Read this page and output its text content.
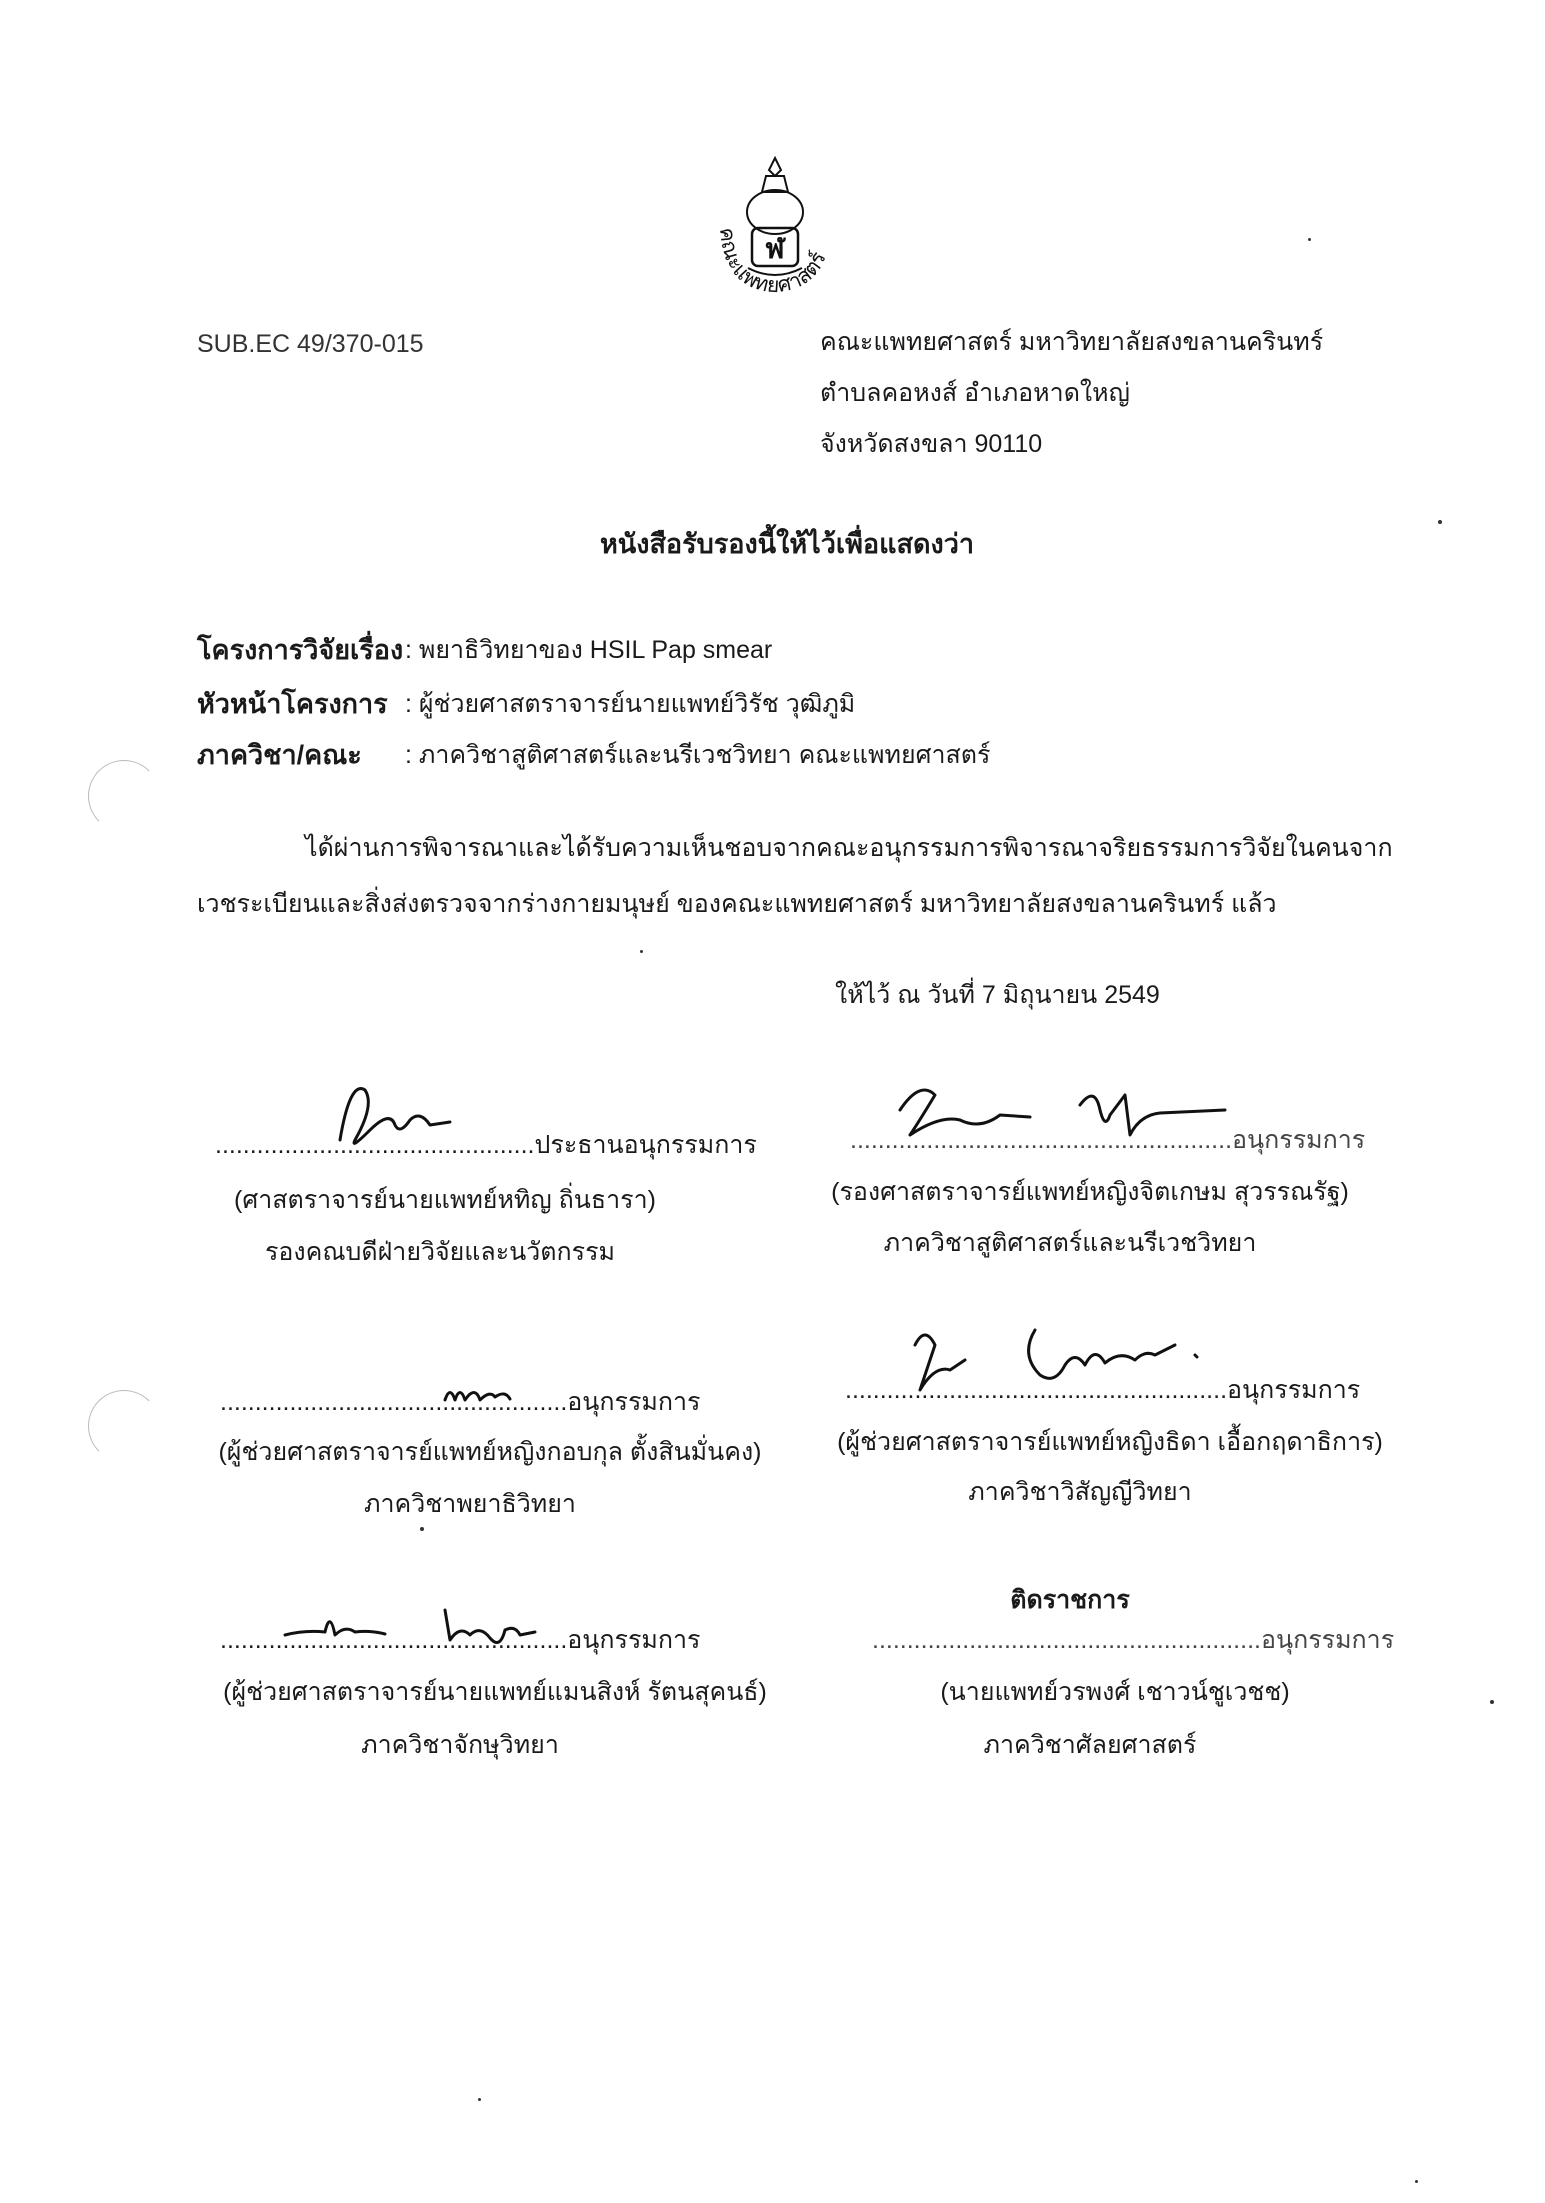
ฬ
คณะแพทยศาสตร์
SUB.EC 49/370-015	คณะแพทยศาสตร์ มหาวิทยาลัยสงขลานครินทร์
ตำบลคอหงส์ อำเภอหาดใหญ่
จังหวัดสงขลา 90110
หนังสือรับรองนี้ให้ไว้เพื่อแสดงว่า
โครงการวิจัยเรื่อง : พยาธิวิทยาของ HSIL Pap smear
หัวหน้าโครงการ : ผู้ช่วยศาสตราจารย์นายแพทย์วิรัช วุฒิภูมิ
ภาควิชา/คณะ : ภาควิชาสูติศาสตร์และนรีเวชวิทยา คณะแพทยศาสตร์
ได้ผ่านการพิจารณาและได้รับความเห็นชอบจากคณะอนุกรรมการพิจารณาจริยธรรมการวิจัยในคนจาก
เวชระเบียนและสิ่งส่งตรวจจากร่างกายมนุษย์ ของคณะแพทยศาสตร์ มหาวิทยาลัยสงขลานครินทร์ แล้ว
ให้ไว้ ณ วันที่ 7 มิถุนายน 2549
..............................................ประธานอนุกรรมการ
(ศาสตราจารย์นายแพทย์หทิญ ถิ่นธารา)
รองคณบดีฝ่ายวิจัยและนวัตกรรม
.......................................................อนุกรรมการ
(รองศาสตราจารย์แพทย์หญิงจิตเกษม สุวรรณรัฐ)
ภาควิชาสูติศาสตร์และนรีเวชวิทยา
..................................................อนุกรรมการ
(ผู้ช่วยศาสตราจารย์แพทย์หญิงกอบกุล ตั้งสินมั่นคง)
ภาควิชาพยาธิวิทยา
.......................................................อนุกรรมการ
(ผู้ช่วยศาสตราจารย์แพทย์หญิงธิดา เอื้อกฤดาธิการ)
ภาควิชาวิสัญญีวิทยา
..................................................อนุกรรมการ
(ผู้ช่วยศาสตราจารย์นายแพทย์แมนสิงห์ รัตนสุคนธ์)
ภาควิชาจักษุวิทยา
ติดราชการ
........................................................อนุกรรมการ
(นายแพทย์วรพงศ์ เชาวน์ชูเวชช)
ภาควิชาศัลยศาสตร์
